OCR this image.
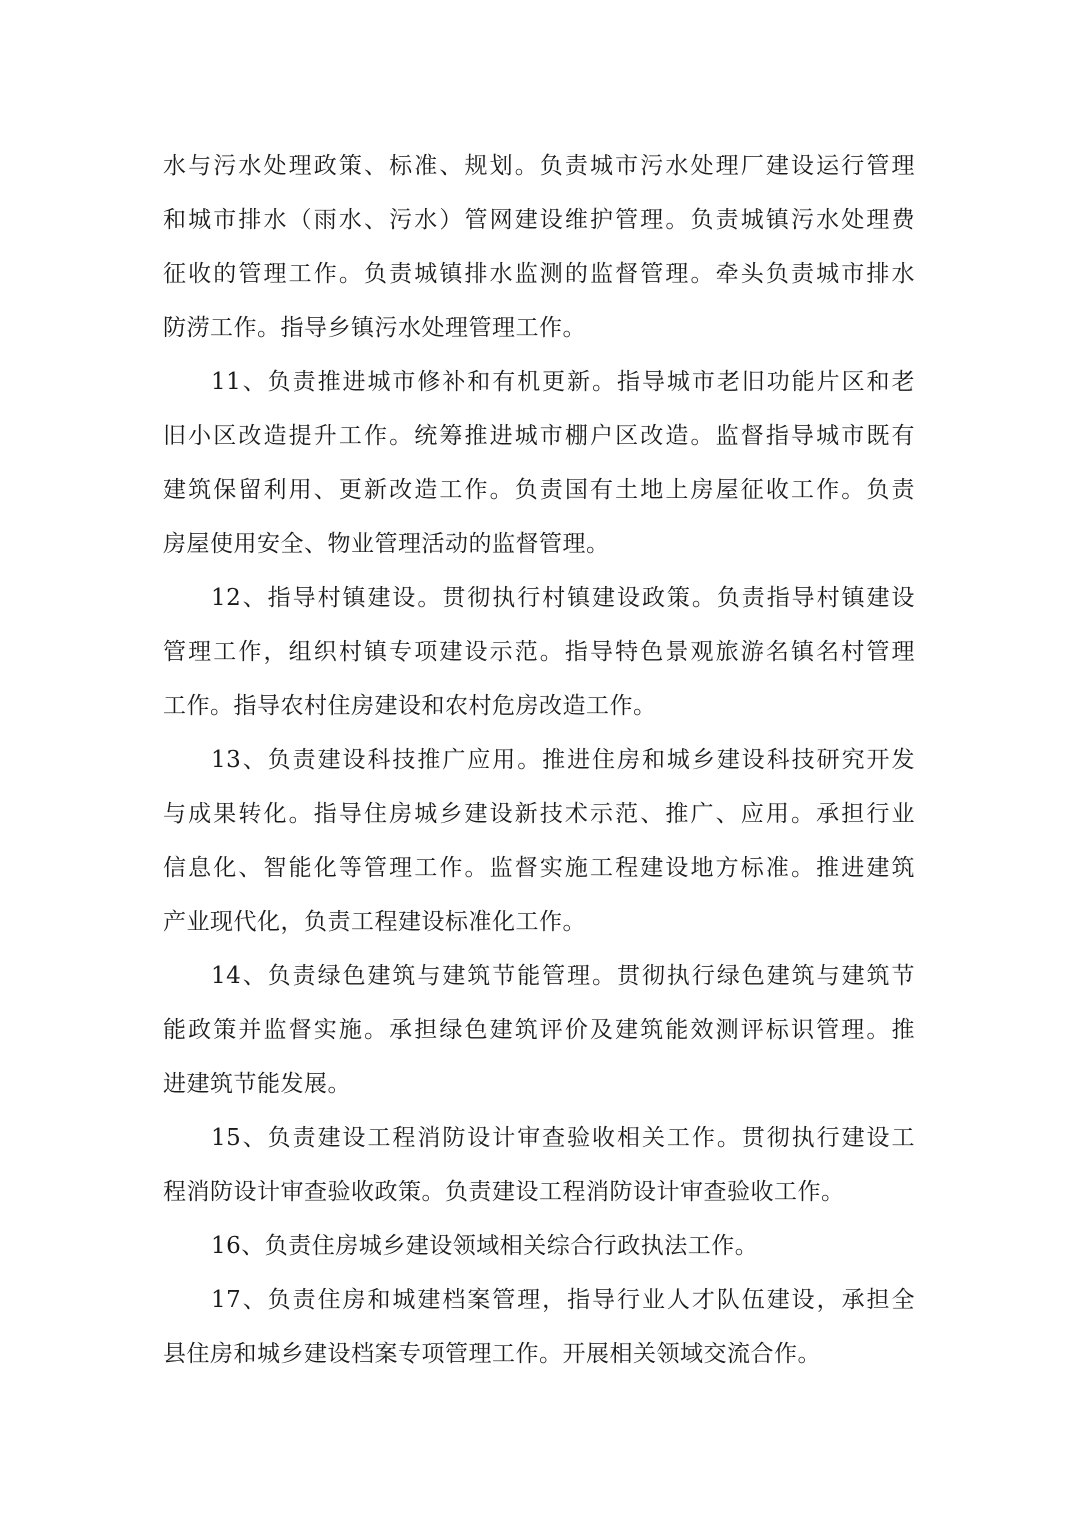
水与污水处理政策、标准、规划。负责城市污水处理厂建设运行管理
和城市排水（雨水、污水）管网建设维护管理。负责城镇污水处理费
征收的管理工作。负责城镇排水监测的监督管理。牵头负责城市排水
防涝工作。指导乡镇污水处理管理工作。
11、负责推进城市修补和有机更新。指导城市老旧功能片区和老
旧小区改造提升工作。统筹推进城市棚户区改造。监督指导城市既有
建筑保留利用、更新改造工作。负责国有土地上房屋征收工作。负责
房屋使用安全、物业管理活动的监督管理。
12、指导村镇建设。贯彻执行村镇建设政策。负责指导村镇建设
管理工作，组织村镇专项建设示范。指导特色景观旅游名镇名村管理
工作。指导农村住房建设和农村危房改造工作。
13、负责建设科技推广应用。推进住房和城乡建设科技研究开发
与成果转化。指导住房城乡建设新技术示范、推广、应用。承担行业
信息化、智能化等管理工作。监督实施工程建设地方标准。推进建筑
产业现代化，负责工程建设标准化工作。
14、负责绿色建筑与建筑节能管理。贯彻执行绿色建筑与建筑节
能政策并监督实施。承担绿色建筑评价及建筑能效测评标识管理。推
进建筑节能发展。
15、负责建设工程消防设计审查验收相关工作。贯彻执行建设工
程消防设计审查验收政策。负责建设工程消防设计审查验收工作。
16、负责住房城乡建设领域相关综合行政执法工作。
17、负责住房和城建档案管理，指导行业人才队伍建设，承担全
县住房和城乡建设档案专项管理工作。开展相关领域交流合作。
